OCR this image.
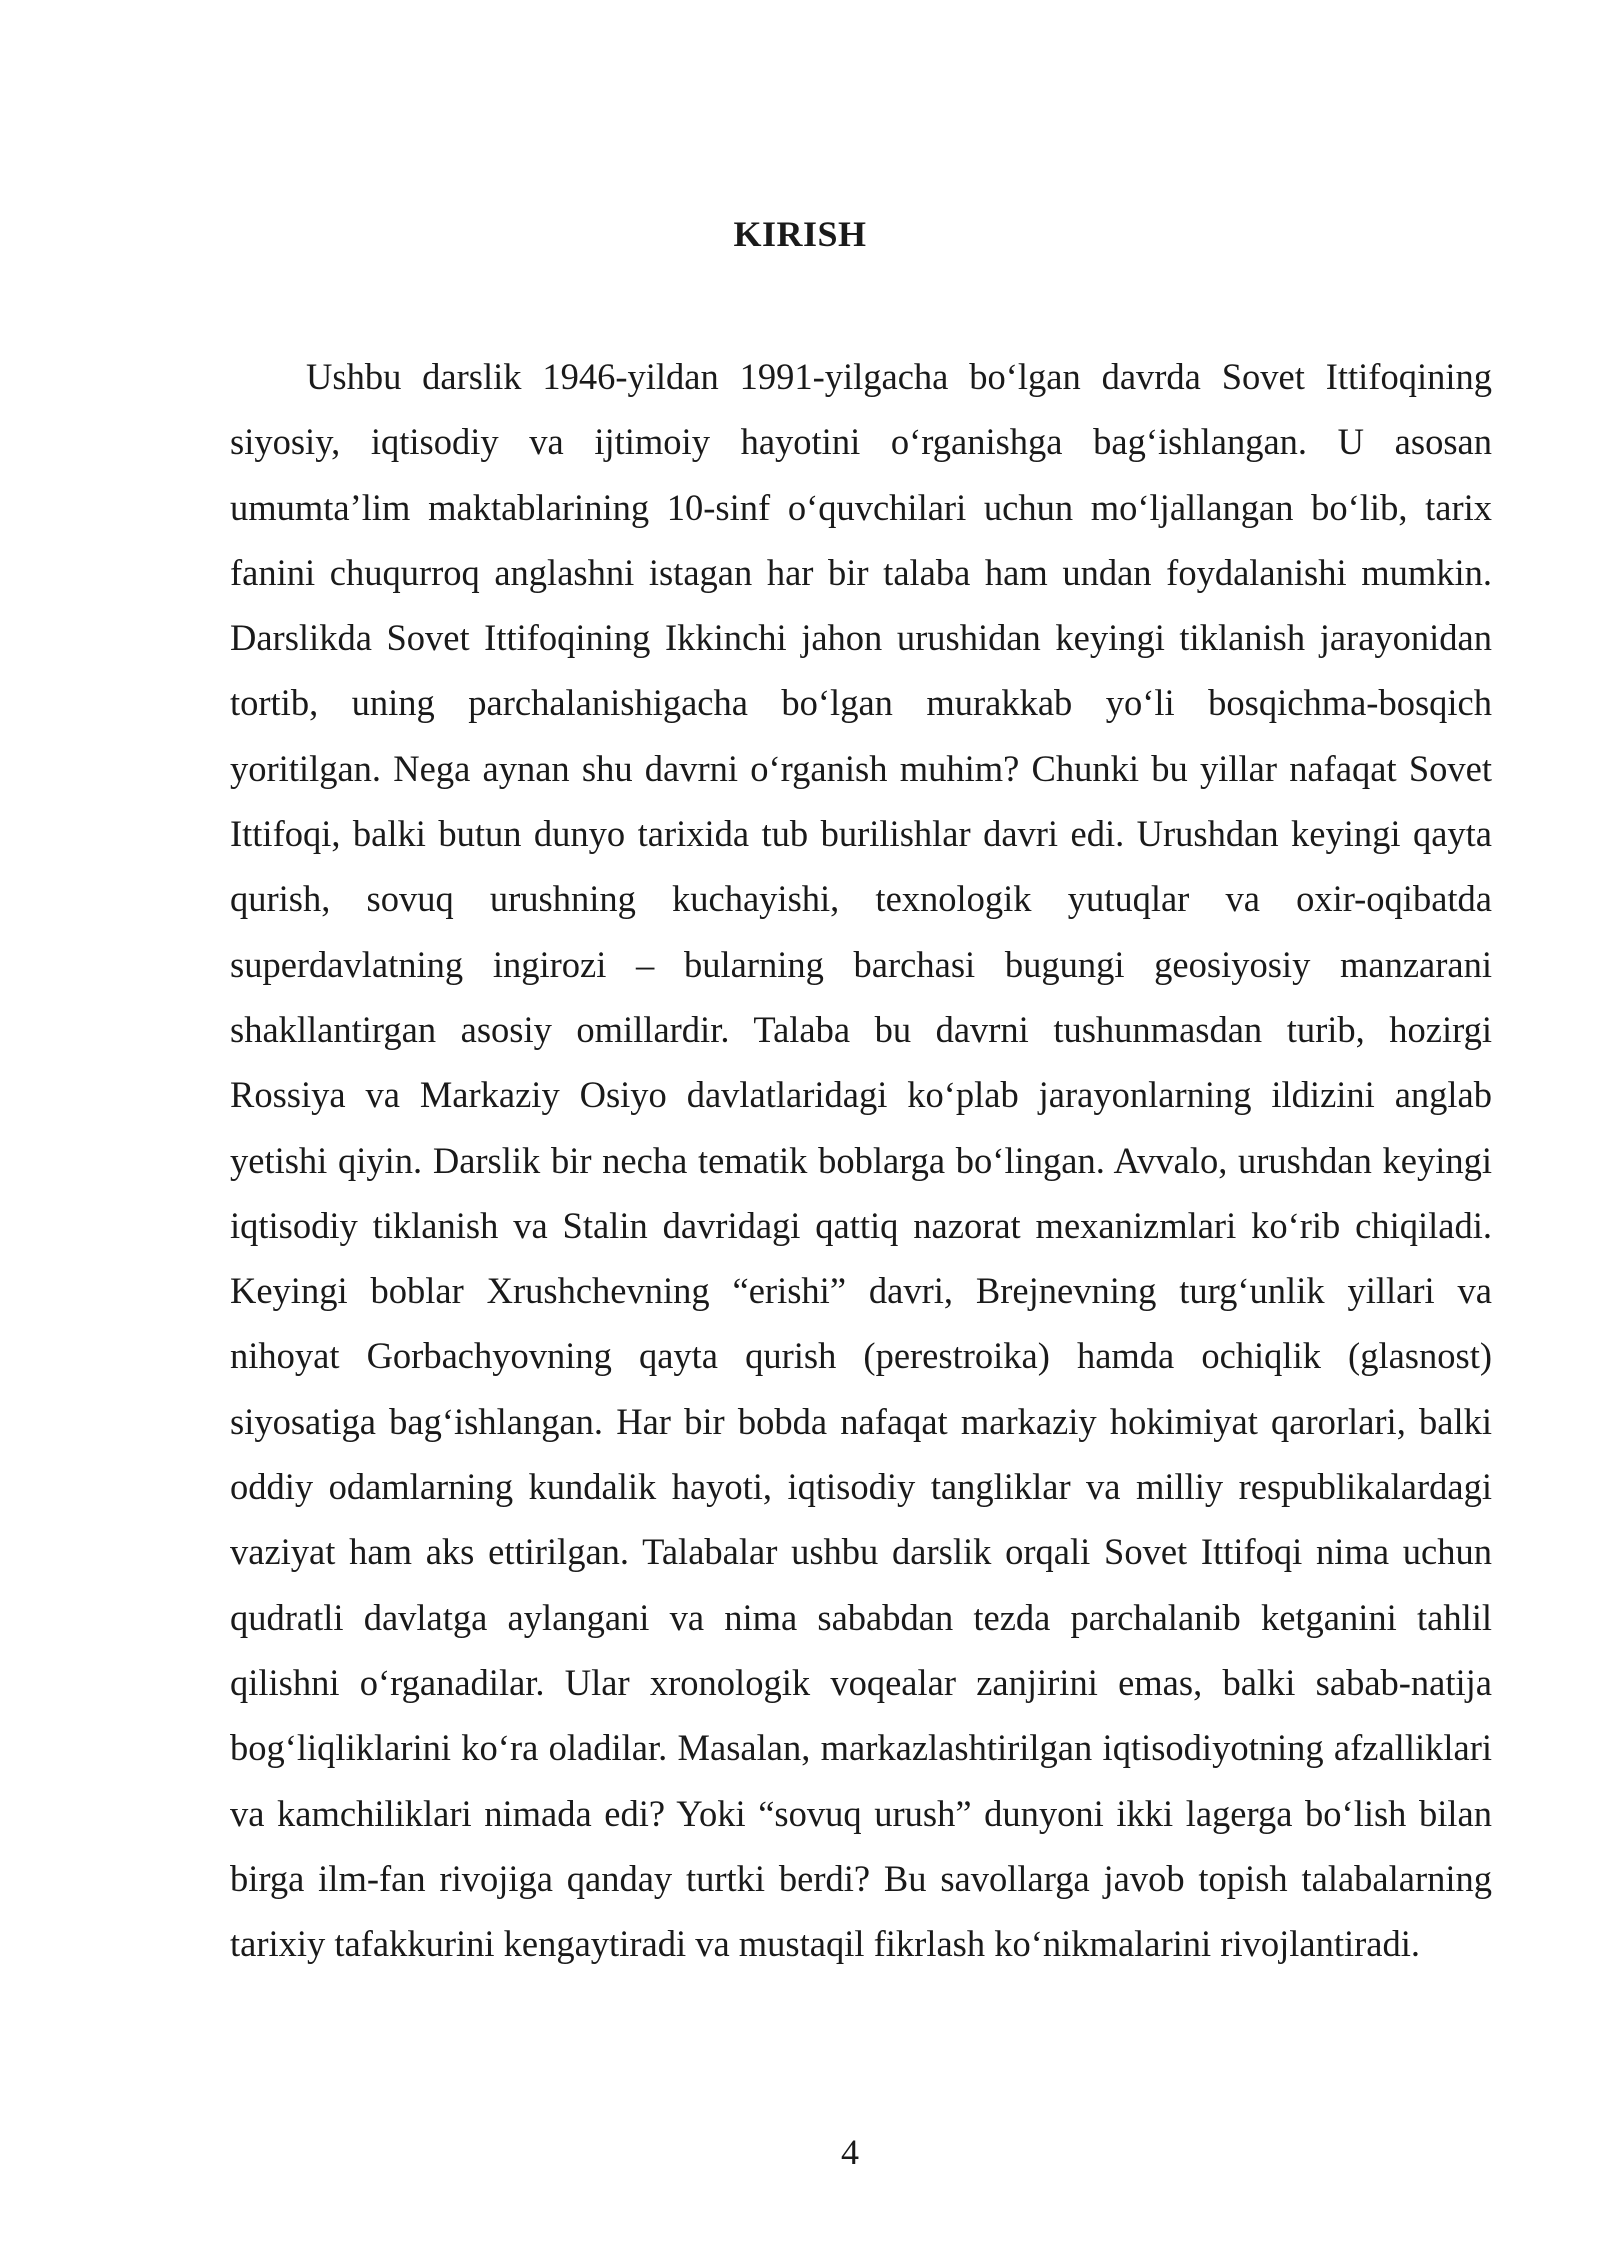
KIRISH

Ushbu darslik 1946-yildan 1991-yilgacha bo‘lgan davrda Sovet Ittifoqining siyosiy, iqtisodiy va ijtimoiy hayotini o‘rganishga bag‘ishlangan. U asosan umumta’lim maktablarining 10-sinf o‘quvchilari uchun mo‘ljallangan bo‘lib, tarix fanini chuqurroq anglashni istagan har bir talaba ham undan foydalanishi mumkin. Darslikda Sovet Ittifoqining Ikkinchi jahon urushidan keyingi tiklanish jarayonidan tortib, uning parchalanishigacha bo‘lgan murakkab yo‘li bosqichma-bosqich yoritilgan. Nega aynan shu davrni o‘rganish muhim? Chunki bu yillar nafaqat Sovet Ittifoqi, balki butun dunyo tarixida tub burilishlar davri edi. Urushdan keyingi qayta qurish, sovuq urushning kuchayishi, texnologik yutuqlar va oxir-oqibatda superdavlatning ingirozi – bularning barchasi bugungi geosiyosiy manzarani shakllantirgan asosiy omillardir. Talaba bu davrni tushunmasdan turib, hozirgi Rossiya va Markaziy Osiyo davlatlaridagi ko‘plab jarayonlarning ildizini anglab yetishi qiyin. Darslik bir necha tematik boblarga bo‘lingan. Avvalo, urushdan keyingi iqtisodiy tiklanish va Stalin davridagi qattiq nazorat mexanizmlari ko‘rib chiqiladi. Keyingi boblar Xrushchevning “erishi” davri, Brejnevning turg‘unlik yillari va nihoyat Gorbachyovning qayta qurish (perestroika) hamda ochiqlik (glasnost) siyosatiga bag‘ishlangan. Har bir bobda nafaqat markaziy hokimiyat qarorlari, balki oddiy odamlarning kundalik hayoti, iqtisodiy tangliklar va milliy respublikalardagi vaziyat ham aks ettirilgan. Talabalar ushbu darslik orqali Sovet Ittifoqi nima uchun qudratli davlatga aylangani va nima sababdan tezda parchalanib ketganini tahlil qilishni o‘rganadilar. Ular xronologik voqealar zanjirini emas, balki sabab-natija bog‘liqliklarini ko‘ra oladilar. Masalan, markazlashtirilgan iqtisodiyotning afzalliklari va kamchiliklari nimada edi? Yoki “sovuq urush” dunyoni ikki lagerga bo‘lish bilan birga ilm-fan rivojiga qanday turtki berdi? Bu savollarga javob topish talabalarning tarixiy tafakkurini kengaytiradi va mustaqil fikrlash ko‘nikmalarini rivojlantiradi.

4
